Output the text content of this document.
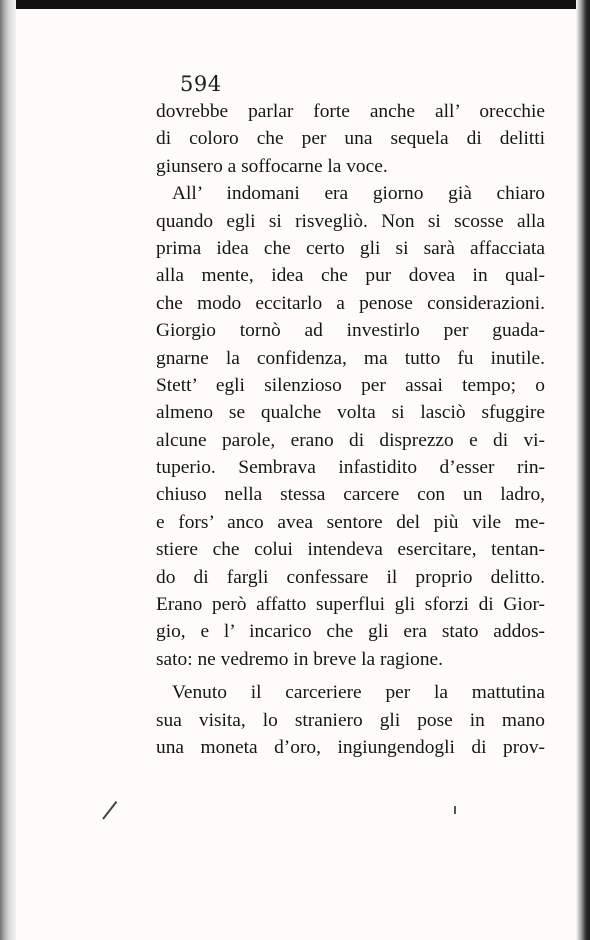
594
dovrebbe parlar forte anche all’ orecchie
di coloro che per una sequela di delitti
giunsero a soffocarne la voce.
All’ indomani era giorno già chiaro
quando egli si risvegliò. Non si scosse alla
prima idea che certo gli si sarà affacciata
alla mente, idea che pur dovea in qual-
che modo eccitarlo a penose considerazioni.
Giorgio tornò ad investirlo per guada-
gnarne la confidenza, ma tutto fu inutile.
Stett’ egli silenzioso per assai tempo; o
almeno se qualche volta si lasciò sfuggire
alcune parole, erano di disprezzo e di vi-
tuperio. Sembrava infastidito d’esser rin-
chiuso nella stessa carcere con un ladro,
e fors’ anco avea sentore del più vile me-
stiere che colui intendeva esercitare, tentan-
do di fargli confessare il proprio delitto.
Erano però affatto superflui gli sforzi di Gior-
gio, e l’ incarico che gli era stato addos-
sato: ne vedremo in breve la ragione.
Venuto il carceriere per la mattutina
sua visita, lo straniero gli pose in mano
una moneta d’oro, ingiungendogli di prov-
